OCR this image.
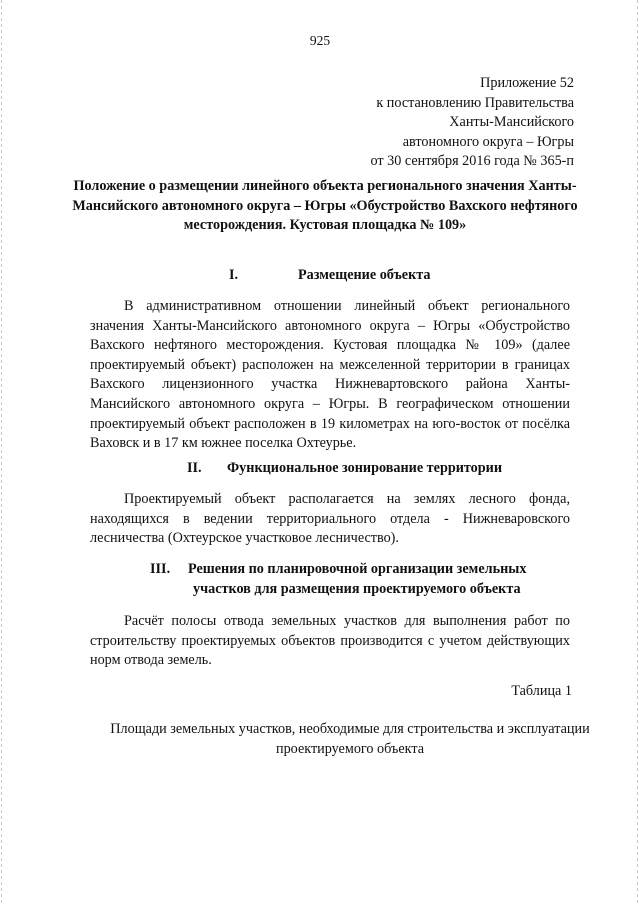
925
Приложение 52
к постановлению Правительства
Ханты-Мансийского
автономного округа – Югры
от 30 сентября 2016 года № 365-п
Положение о размещении линейного объекта регионального значения Ханты-Мансийского автономного округа – Югры «Обустройство Вахского нефтяного месторождения. Кустовая площадка № 109»
I.	Размещение объекта

В административном отношении линейный объект регионального значения Ханты-Мансийского автономного округа – Югры «Обустройство Вахского нефтяного месторождения. Кустовая площадка № 109» (далее проектируемый объект) расположен на межселенной территории в границах Вахского лицензионного участка Нижневартовского района Ханты-Мансийского автономного округа – Югры. В географическом отношении проектируемый объект расположен в 19 километрах на юго-восток от посёлка Ваховск и в 17 км южнее поселка Охтеурье.

II. Функциональное зонирование территории

Проектируемый объект располагается на землях лесного фонда, находящихся в ведении территориального отдела - Нижневаровского лесничества (Охтеурское участковое лесничество).

III. Решения по планировочной организации земельных
участков для размещения проектируемого объекта

Расчёт полосы отвода земельных участков для выполнения работ по строительству проектируемых объектов производится с учетом действующих норм отвода земель.

Таблица 1
Площади земельных участков, необходимые для строительства и эксплуатации проектируемого объекта
